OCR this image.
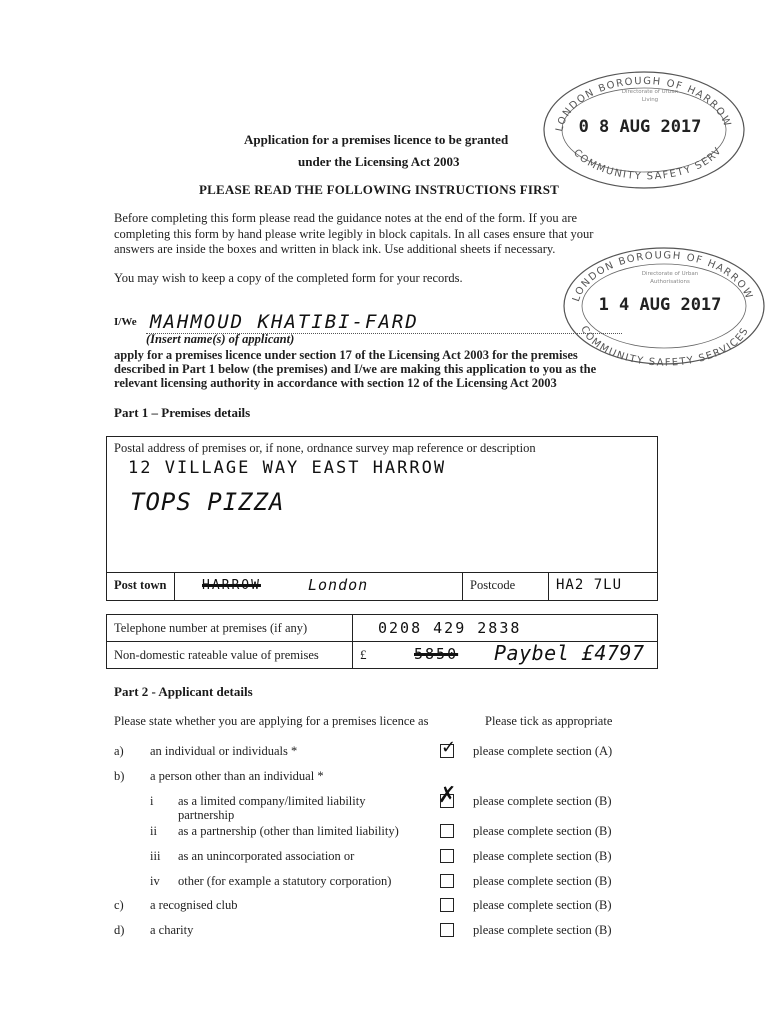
LONDON BOROUGH OF HARROW
COMMUNITY SAFETY SERV
Directorate of Urban
Living
0 8 AUG 2017
LONDON BOROUGH OF HARROW
COMMUNITY SAFETY SERVICES
Directorate of Urban
Authorisations
1 4 AUG 2017
Application for a premises licence to be granted
under the Licensing Act 2003
PLEASE READ THE FOLLOWING INSTRUCTIONS FIRST
Before completing this form please read the guidance notes at the end of the form. If you are
completing this form by hand please write legibly in block capitals. In all cases ensure that your
answers are inside the boxes and written in black ink. Use additional sheets if necessary.
You may wish to keep a copy of the completed form for your records.
I/We MAHMOUD KHATIBI-FARD
(Insert name(s) of applicant)
apply for a premises licence under section 17 of the Licensing Act 2003 for the premises
described in Part 1 below (the premises) and I/we are making this application to you as the
relevant licensing authority in accordance with section 12 of the Licensing Act 2003
Part 1 – Premises details
Postal address of premises or, if none, ordnance survey map reference or description
12 VILLAGE WAY EAST HARROW
TOPS PIZZA
Post town	HARROW	London	Postcode	HA2 7LU
Telephone number at premises (if any)	0208 429 2838
Non-domestic rateable value of premises	£	5850 Paybel £4797
Part 2 - Applicant details
Please state whether you are applying for a premises licence as	Please tick as appropriate
a) an individual or individuals *	✓ please complete section (A)
b) a person other than an individual *
i as a limited company/limited liability
partnership
✗ please complete section (B)
ii as a partnership (other than limited liability)	please complete section (B)
iii as an unincorporated association or	please complete section (B)
iv other (for example a statutory corporation)	please complete section (B)
c) a recognised club	please complete section (B)
d) a charity	please complete section (B)
